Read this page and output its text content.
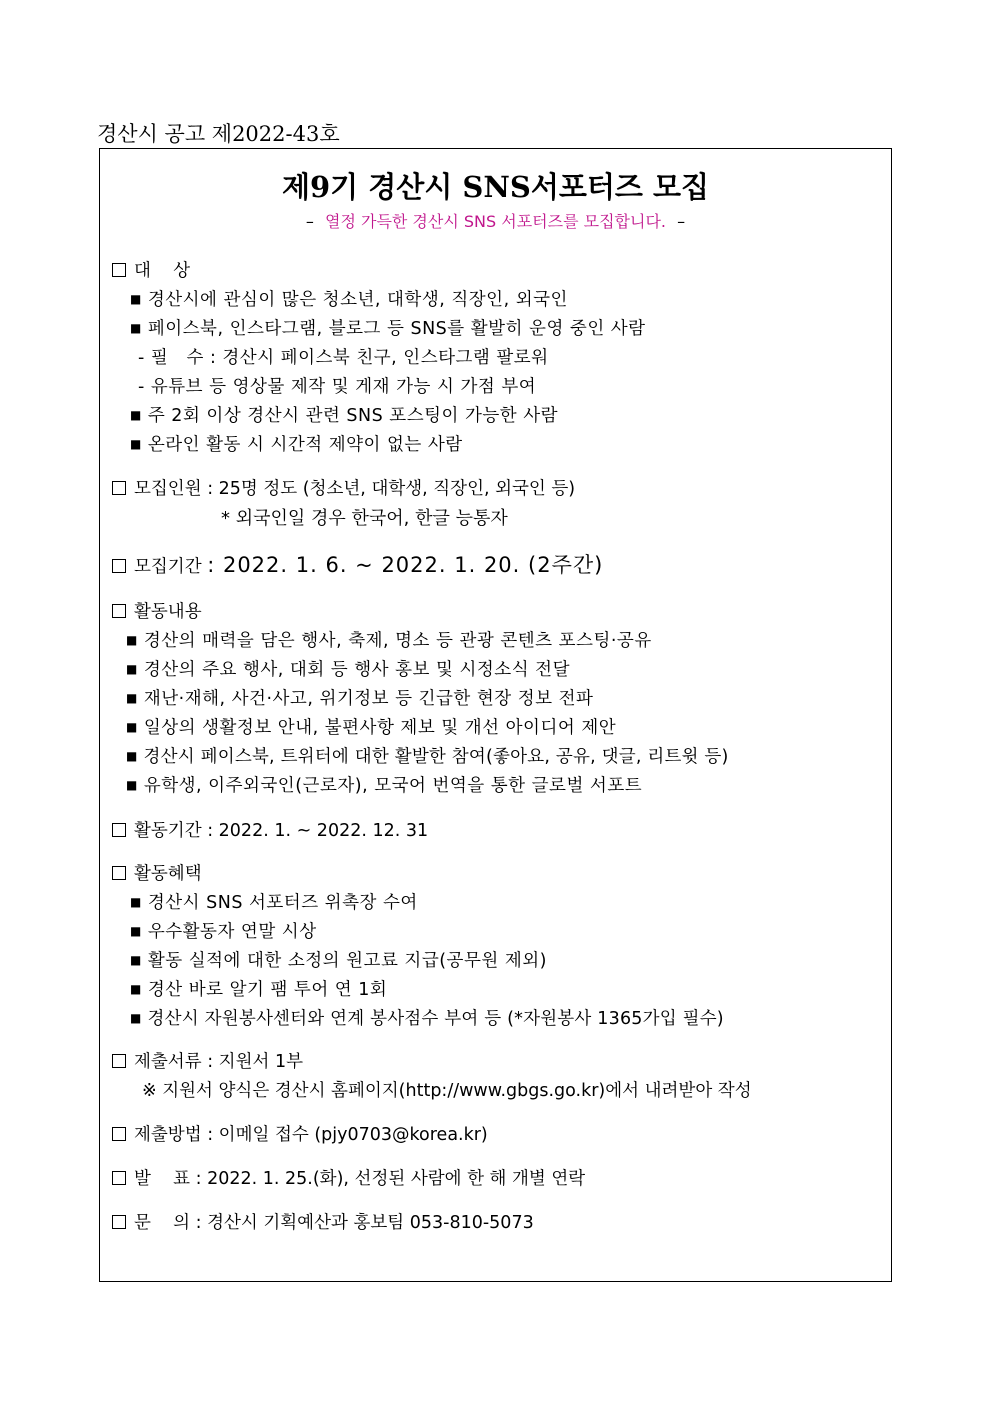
경산시 공고 제2022-43호
제9기 경산시 SNS서포터즈 모집
– 열정 가득한 경산시 SNS 서포터즈를 모집합니다. –
대    상
■ 경산시에 관심이 많은 청소년, 대학생, 직장인, 외국인
■ 페이스북, 인스타그램, 블로그 등 SNS를 활발히 운영 중인 사람
- 필   수 : 경산시 페이스북 친구, 인스타그램 팔로워
- 유튜브 등 영상물 제작 및 게재 가능 시 가점 부여
■ 주 2회 이상 경산시 관련 SNS 포스팅이 가능한 사람
■ 온라인 활동 시 시간적 제약이 없는 사람
모집인원 : 25명 정도 (청소년, 대학생, 직장인, 외국인 등)
* 외국인일 경우 한국어, 한글 능통자
모집기간 : 2022. 1. 6. ~ 2022. 1. 20. (2주간)
활동내용
■ 경산의 매력을 담은 행사, 축제, 명소 등 관광 콘텐츠 포스팅·공유
■ 경산의 주요 행사, 대회 등 행사 홍보 및 시정소식 전달
■ 재난·재해, 사건·사고, 위기정보 등 긴급한 현장 정보 전파
■ 일상의 생활정보 안내, 불편사항 제보 및 개선 아이디어 제안
■ 경산시 페이스북, 트위터에 대한 활발한 참여(좋아요, 공유, 댓글, 리트윗 등)
■ 유학생, 이주외국인(근로자), 모국어 번역을 통한 글로벌 서포트
활동기간 : 2022. 1. ~ 2022. 12. 31
활동혜택
■ 경산시 SNS 서포터즈 위촉장 수여
■ 우수활동자 연말 시상
■ 활동 실적에 대한 소정의 원고료 지급(공무원 제외)
■ 경산 바로 알기 팸 투어 연 1회
■ 경산시 자원봉사센터와 연계 봉사점수 부여 등 (*자원봉사 1365가입 필수)
제출서류 : 지원서 1부
※ 지원서 양식은 경산시 홈페이지(http://www.gbgs.go.kr)에서 내려받아 작성
제출방법 : 이메일 접수 (pjy0703@korea.kr)
발    표 : 2022. 1. 25.(화), 선정된 사람에 한 해 개별 연락
문    의 : 경산시 기획예산과 홍보팀 053-810-5073
